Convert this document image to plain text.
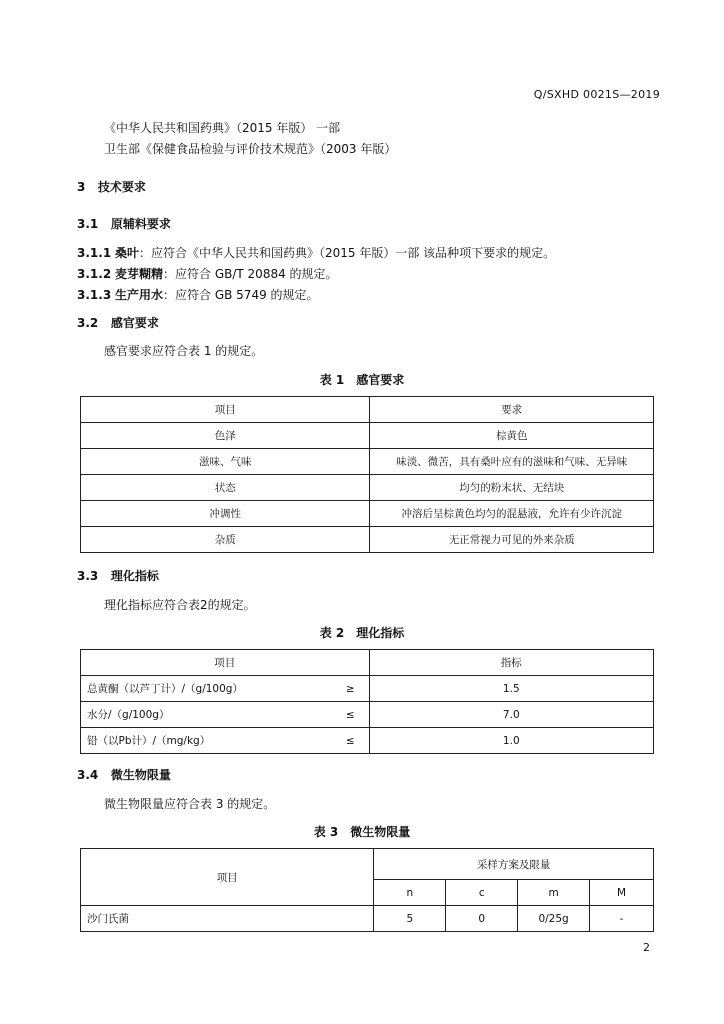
Q/SXHD 0021S—2019
《中华人民共和国药典》（2015 年版） 一部
卫生部《保健食品检验与评价技术规范》（2003 年版）
3 技术要求
3.1 原辅料要求
3.1.1 桑叶：应符合《中华人民共和国药典》（2015 年版）一部 该品种项下要求的规定。
3.1.2 麦芽糊精：应符合 GB/T 20884 的规定。
3.1.3 生产用水：应符合 GB 5749 的规定。
3.2 感官要求
感官要求应符合表 1 的规定。
表 1　感官要求
项目	要求
色泽	棕黄色
滋味、气味	味淡、微苦，具有桑叶应有的滋味和气味、无异味
状态	均匀的粉末状、无结块
冲调性	冲溶后呈棕黄色均匀的混悬液，允许有少许沉淀
杂质	无正常视力可见的外来杂质
3.3 理化指标
理化指标应符合表2的规定。
表 2　理化指标
项目		指标
总黄酮（以芦丁计）/（g/100g）	≥	1.5
水分/（g/100g）	≤	7.0
铅（以Pb计）/（mg/kg）	≤	1.0
3.4 微生物限量
微生物限量应符合表 3 的规定。
表 3　微生物限量
项目	采样方案及限量			
	n	c	m	M
沙门氏菌	5	0	0/25g	-
2
